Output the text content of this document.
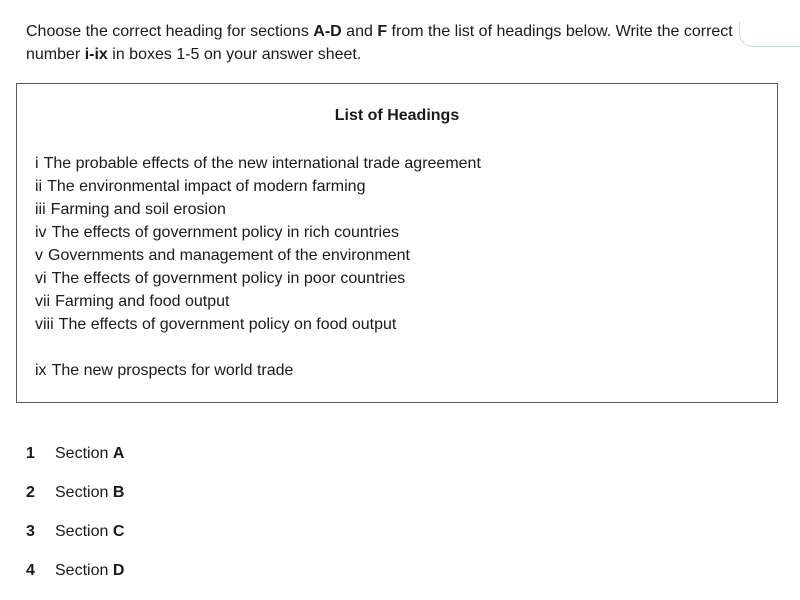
Choose the correct heading for sections A-D and F from the list of headings below. Write the correct number i-ix in boxes 1-5 on your answer sheet.

List of Headings
i The probable effects of the new international trade agreement
ii The environmental impact of modern farming
iii Farming and soil erosion
iv The effects of government policy in rich countries
v Governments and management of the environment
vi The effects of government policy in poor countries
vii Farming and food output
viii The effects of government policy on food output
ix The new prospects for world trade
1 Section A
2 Section B
3 Section C
4 Section D
